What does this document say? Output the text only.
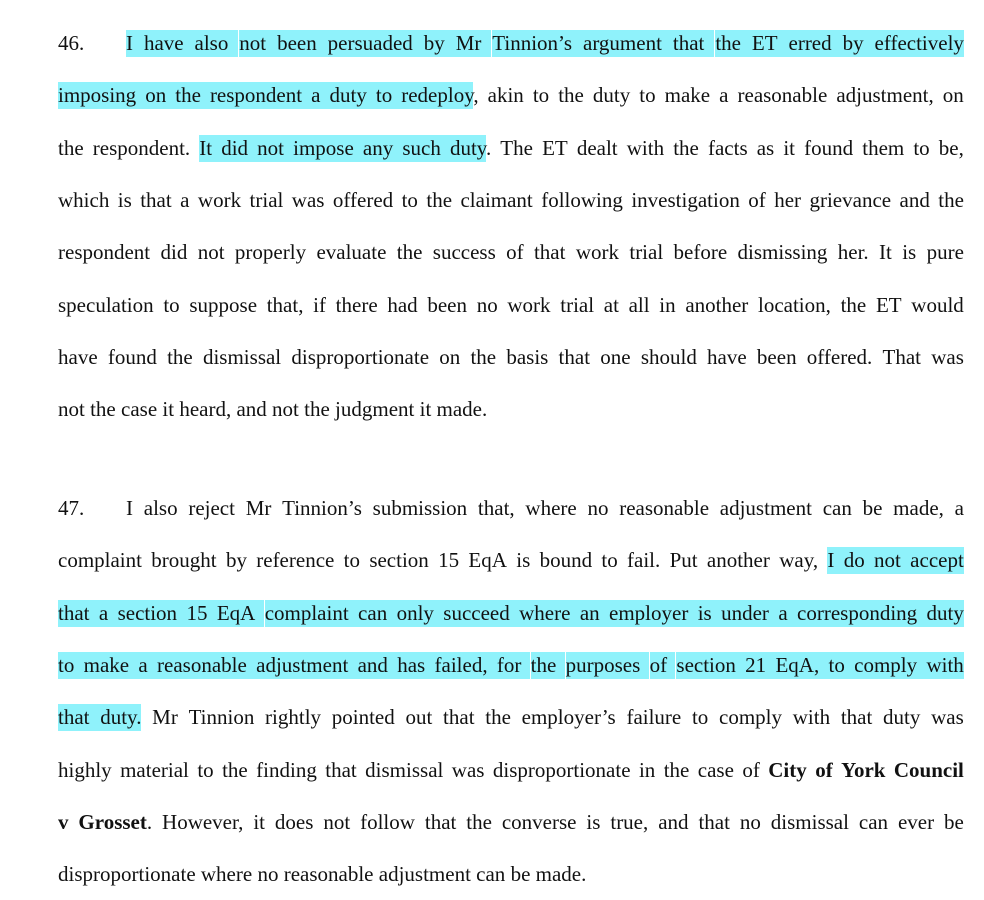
46.	I have also not been persuaded by Mr Tinnion’s argument that the ET erred by effectively
imposing on the respondent a duty to redeploy, akin to the duty to make a reasonable adjustment, on
the respondent. It did not impose any such duty. The ET dealt with the facts as it found them to be,
which is that a work trial was offered to the claimant following investigation of her grievance and the
respondent did not properly evaluate the success of that work trial before dismissing her. It is pure
speculation to suppose that, if there had been no work trial at all in another location, the ET would
have found the dismissal disproportionate on the basis that one should have been offered. That was
not the case it heard, and not the judgment it made.
47.	I also reject Mr Tinnion’s submission that, where no reasonable adjustment can be made, a
complaint brought by reference to section 15 EqA is bound to fail. Put another way, I do not accept
that a section 15 EqA complaint can only succeed where an employer is under a corresponding duty
to make a reasonable adjustment and has failed, for the purposes of section 21 EqA, to comply with
that duty. Mr Tinnion rightly pointed out that the employer’s failure to comply with that duty was
highly material to the finding that dismissal was disproportionate in the case of City of York Council
v Grosset. However, it does not follow that the converse is true, and that no dismissal can ever be
disproportionate where no reasonable adjustment can be made.
